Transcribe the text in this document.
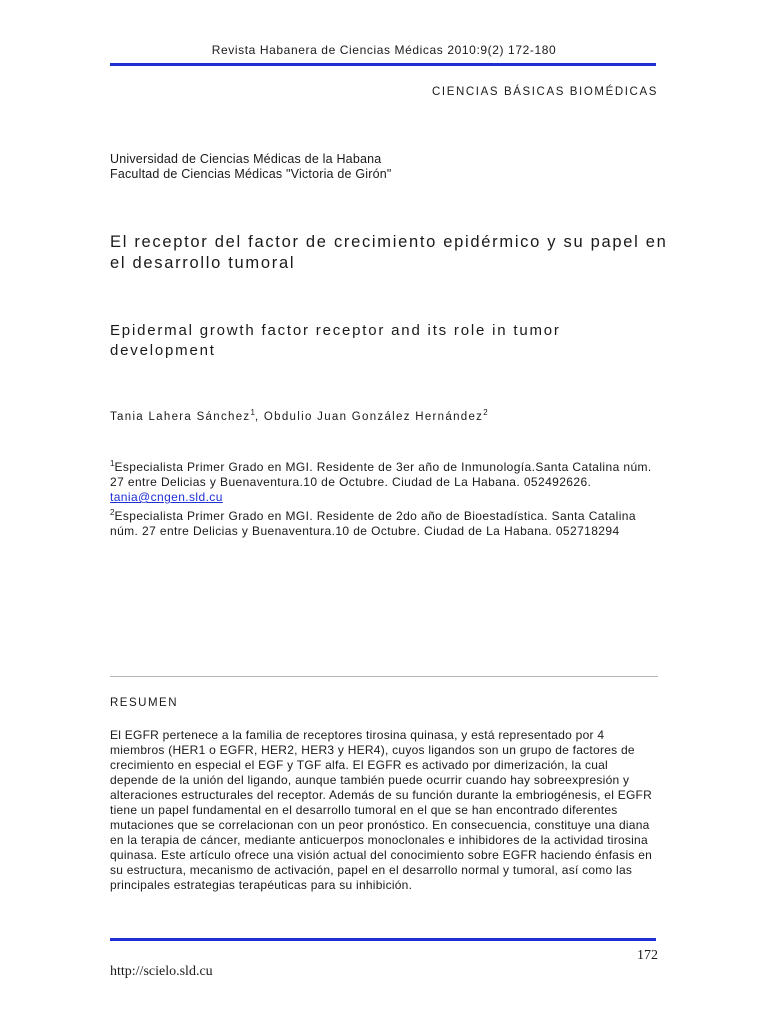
Revista Habanera de Ciencias Médicas 2010:9(2) 172-180
CIENCIAS BÁSICAS BIOMÉDICAS
Universidad de Ciencias Médicas de la Habana
Facultad de Ciencias Médicas "Victoria de Girón"
El receptor del factor de crecimiento epidérmico y su papel en el desarrollo tumoral
Epidermal growth factor receptor and its role in tumor development
Tania Lahera Sánchez$^1$, Obdulio Juan González Hernández$^2$
$^1$Especialista Primer Grado en MGI. Residente de 3er año de Inmunología.Santa Catalina núm. 27 entre Delicias y Buenaventura.10 de Octubre. Ciudad de La Habana. 052492626. tania@cngen.sld.cu
$^2$Especialista Primer Grado en MGI. Residente de 2do año de Bioestadística. Santa Catalina núm. 27 entre Delicias y Buenaventura.10 de Octubre. Ciudad de La Habana. 052718294
RESUMEN
El EGFR pertenece a la familia de receptores tirosina quinasa, y está representado por 4 miembros (HER1 o EGFR, HER2, HER3 y HER4), cuyos ligandos son un grupo de factores de crecimiento en especial el EGF y TGF alfa. El EGFR es activado por dimerización, la cual depende de la unión del ligando, aunque también puede ocurrir cuando hay sobreexpresión y alteraciones estructurales del receptor. Además de su función durante la embriogénesis, el EGFR tiene un papel fundamental en el desarrollo tumoral en el que se han encontrado diferentes mutaciones que se correlacionan con un peor pronóstico. En consecuencia, constituye una diana en la terapia de cáncer, mediante anticuerpos monoclonales e inhibidores de la actividad tirosina quinasa. Este artículo ofrece una visión actual del conocimiento sobre EGFR haciendo énfasis en su estructura, mecanismo de activación, papel en el desarrollo normal y tumoral, así como las principales estrategias terapéuticas para su inhibición.
172
http://scielo.sld.cu
